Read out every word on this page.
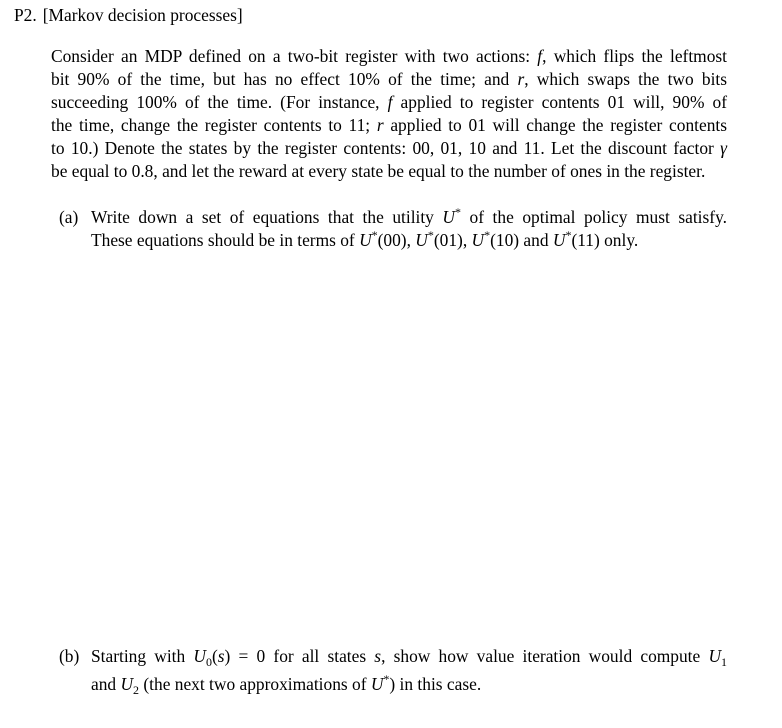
P2. [Markov decision processes]
Consider an MDP defined on a two-bit register with two actions: f, which flips the leftmost
bit 90% of the time, but has no effect 10% of the time; and r, which swaps the two bits
succeeding 100% of the time. (For instance, f applied to register contents 01 will, 90% of
the time, change the register contents to 11; r applied to 01 will change the register contents
to 10.) Denote the states by the register contents: 00, 01, 10 and 11. Let the discount factor γ
be equal to 0.8, and let the reward at every state be equal to the number of ones in the register.
(a) Write down a set of equations that the utility U* of the optimal policy must satisfy.
These equations should be in terms of U*(00), U*(01), U*(10) and U*(11) only.
(b) Starting with $U_0(s) = 0$ for all states s, show how value iteration would compute $U_1$
and $U_2$ (the next two approximations of U*) in this case.
